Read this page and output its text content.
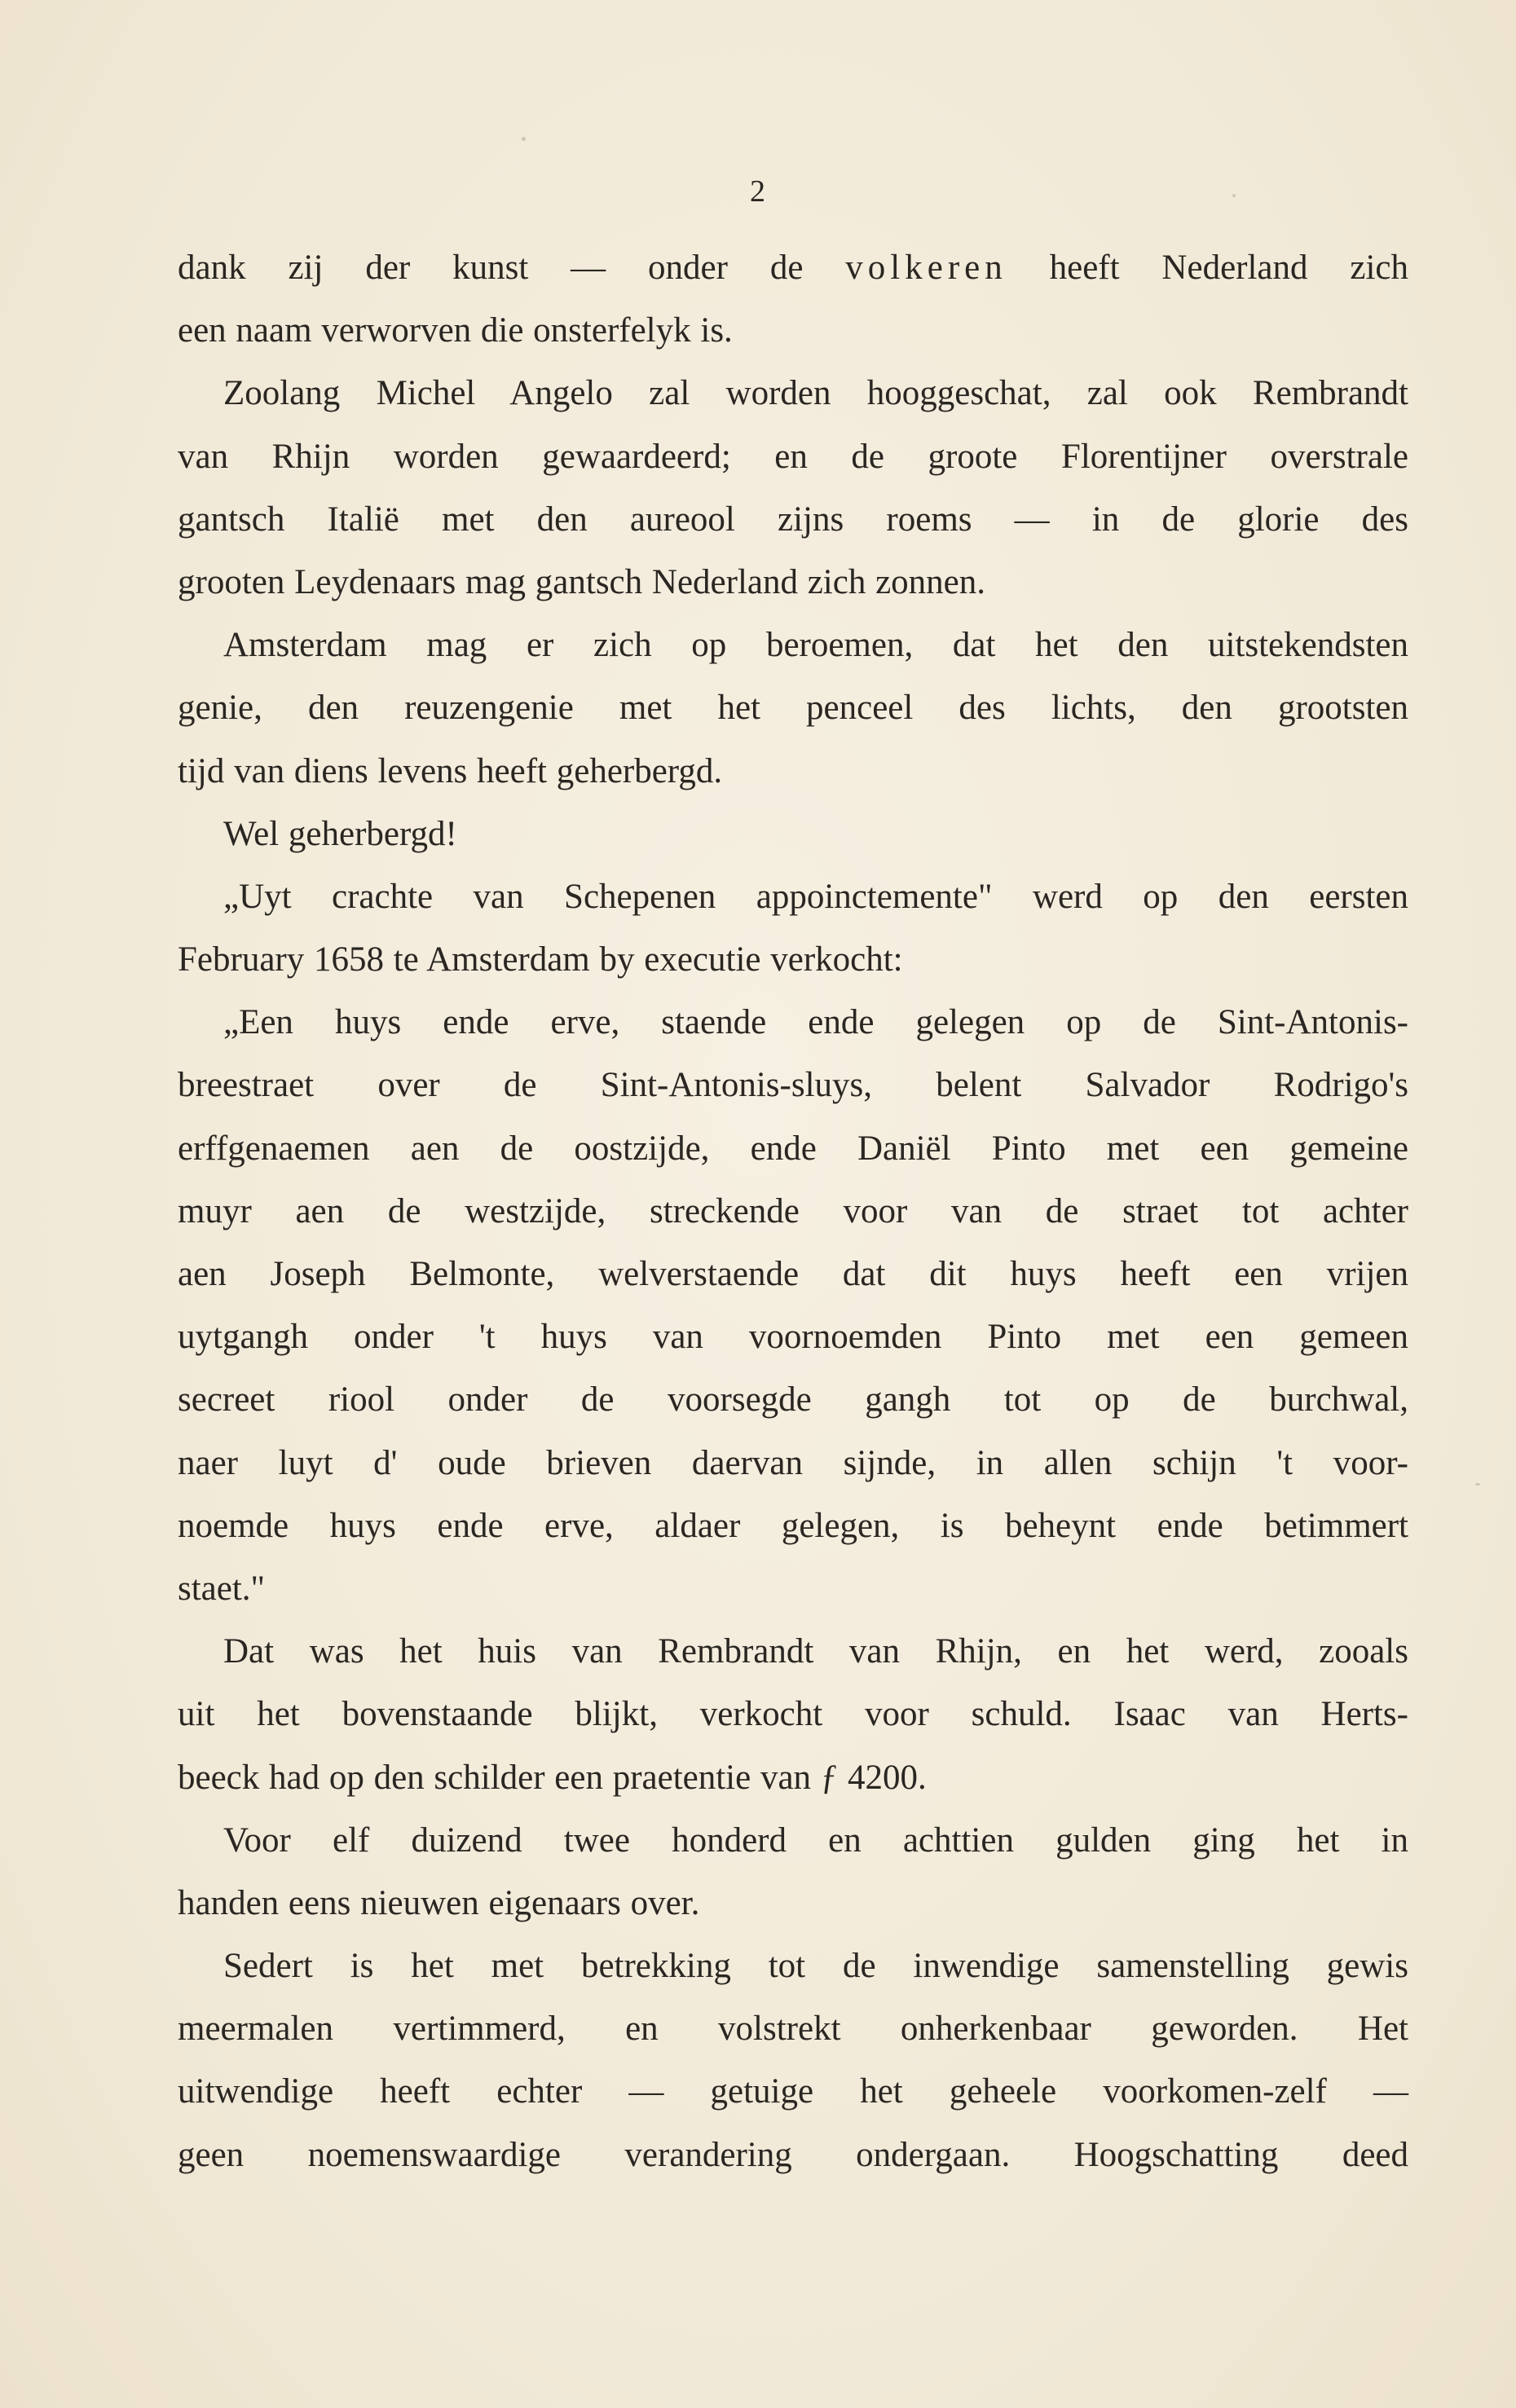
2
dank zij der kunst — onder de volkeren heeft Nederland zich
een naam verworven die onsterfelyk is.
Zoolang Michel Angelo zal worden hooggeschat, zal ook Rembrandt
van Rhijn worden gewaardeerd; en de groote Florentijner overstrale
gantsch Italië met den aureool zijns roems — in de glorie des
grooten Leydenaars mag gantsch Nederland zich zonnen.
Amsterdam mag er zich op beroemen, dat het den uitstekendsten
genie, den reuzengenie met het penceel des lichts, den grootsten
tijd van diens levens heeft geherbergd.
Wel geherbergd!
„Uyt crachte van Schepenen appoinctemente" werd op den eersten
February 1658 te Amsterdam by executie verkocht:
„Een huys ende erve, staende ende gelegen op de Sint-Antonis-
breestraet over de Sint-Antonis-sluys, belent Salvador Rodrigo's
erffgenaemen aen de oostzijde, ende Daniël Pinto met een gemeine
muyr aen de westzijde, streckende voor van de straet tot achter
aen Joseph Belmonte, welverstaende dat dit huys heeft een vrijen
uytgangh onder 't huys van voornoemden Pinto met een gemeen
secreet riool onder de voorsegde gangh tot op de burchwal,
naer luyt d' oude brieven daervan sijnde, in allen schijn 't voor-
noemde huys ende erve, aldaer gelegen, is beheynt ende betimmert
staet."
Dat was het huis van Rembrandt van Rhijn, en het werd, zooals
uit het bovenstaande blijkt, verkocht voor schuld. Isaac van Herts-
beeck had op den schilder een praetentie van ƒ 4200.
Voor elf duizend twee honderd en achttien gulden ging het in
handen eens nieuwen eigenaars over.
Sedert is het met betrekking tot de inwendige samenstelling gewis
meermalen vertimmerd, en volstrekt onherkenbaar geworden. Het
uitwendige heeft echter — getuige het geheele voorkomen-zelf —
geen noemenswaardige verandering ondergaan. Hoogschatting deed
